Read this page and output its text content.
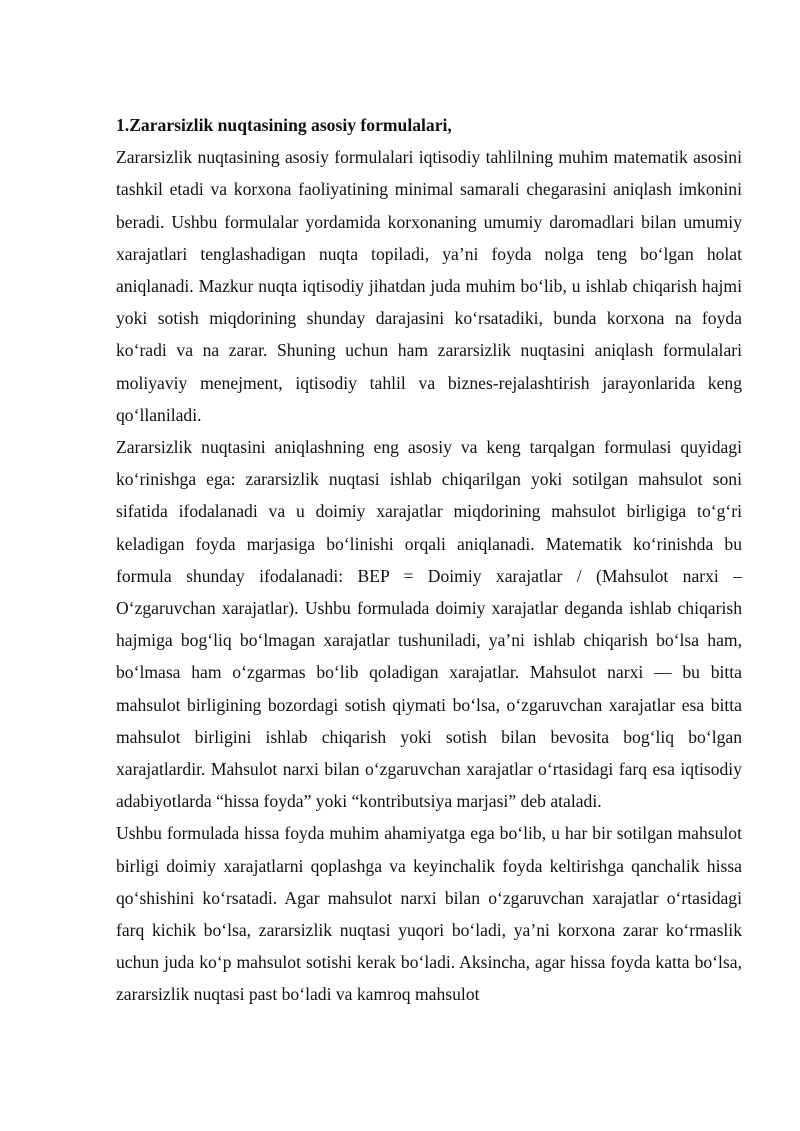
1.Zararsizlik nuqtasining asosiy formulalari,

Zararsizlik nuqtasining asosiy formulalari iqtisodiy tahlilning muhim matematik asosini tashkil etadi va korxona faoliyatining minimal samarali chegarasini aniqlash imkonini beradi. Ushbu formulalar yordamida korxonaning umumiy daromadlari bilan umumiy xarajatlari tenglashadigan nuqta topiladi, ya’ni foyda nolga teng bo‘lgan holat aniqlanadi. Mazkur nuqta iqtisodiy jihatdan juda muhim bo‘lib, u ishlab chiqarish hajmi yoki sotish miqdorining shunday darajasini ko‘rsatadiki, bunda korxona na foyda ko‘radi va na zarar. Shuning uchun ham zararsizlik nuqtasini aniqlash formulalari moliyaviy menejment, iqtisodiy tahlil va biznes-rejalashtirish jarayonlarida keng qo‘llaniladi.

Zararsizlik nuqtasini aniqlashning eng asosiy va keng tarqalgan formulasi quyidagi ko‘rinishga ega: zararsizlik nuqtasi ishlab chiqarilgan yoki sotilgan mahsulot soni sifatida ifodalanadi va u doimiy xarajatlar miqdorining mahsulot birligiga to‘g‘ri keladigan foyda marjasiga bo‘linishi orqali aniqlanadi. Matematik ko‘rinishda bu formula shunday ifodalanadi: BEP = Doimiy xarajatlar / (Mahsulot narxi – O‘zgaruvchan xarajatlar). Ushbu formulada doimiy xarajatlar deganda ishlab chiqarish hajmiga bog‘liq bo‘lmagan xarajatlar tushuniladi, ya’ni ishlab chiqarish bo‘lsa ham, bo‘lmasa ham o‘zgarmas bo‘lib qoladigan xarajatlar. Mahsulot narxi — bu bitta mahsulot birligining bozordagi sotish qiymati bo‘lsa, o‘zgaruvchan xarajatlar esa bitta mahsulot birligini ishlab chiqarish yoki sotish bilan bevosita bog‘liq bo‘lgan xarajatlardir. Mahsulot narxi bilan o‘zgaruvchan xarajatlar o‘rtasidagi farq esa iqtisodiy adabiyotlarda “hissa foyda” yoki “kontributsiya marjasi” deb ataladi.

Ushbu formulada hissa foyda muhim ahamiyatga ega bo‘lib, u har bir sotilgan mahsulot birligi doimiy xarajatlarni qoplashga va keyinchalik foyda keltirishga qanchalik hissa qo‘shishini ko‘rsatadi. Agar mahsulot narxi bilan o‘zgaruvchan xarajatlar o‘rtasidagi farq kichik bo‘lsa, zararsizlik nuqtasi yuqori bo‘ladi, ya’ni korxona zarar ko‘rmaslik uchun juda ko‘p mahsulot sotishi kerak bo‘ladi. Aksincha, agar hissa foyda katta bo‘lsa, zararsizlik nuqtasi past bo‘ladi va kamroq mahsulot
